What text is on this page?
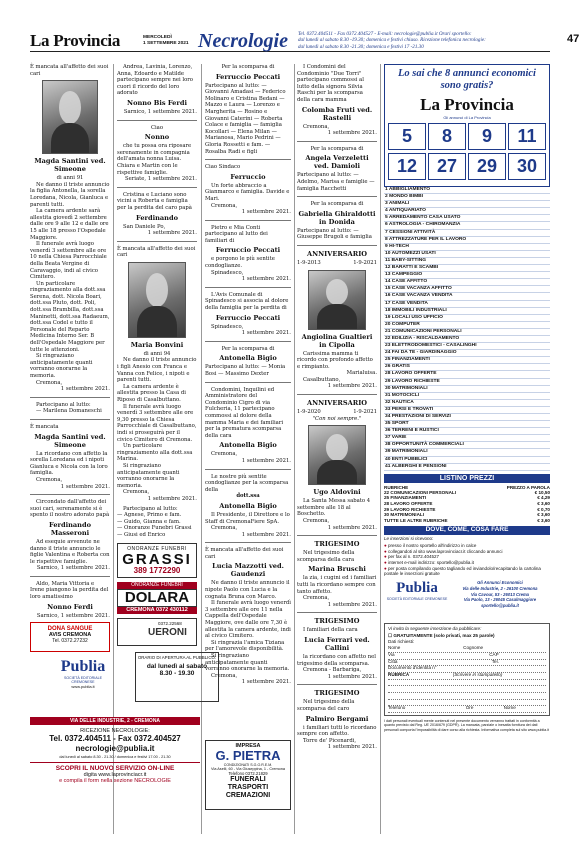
La Provincia	MERCOLEDÌ
1 SETTEMBRE 2021 Necrologie Tel. 0372.404511 - Fax 0372.404527 - E-mail: necrologie@publia.it Orari sportello:
dal lunedì al sabato 8.30 -19.30; domenica e festivi chiuso. Ricezione telefonica necrologie:
dal lunedì al sabato 8.30 -21.30; domenica e festivi 17 -21.30
47

È mancata all'affetto dei suoi cari

Magda Santini ved. Simeone

di anni 91

Ne danno il triste annuncio la figlia Antonella, la sorella Loredana, Nicola, Gianluca e parenti tutti.

La camera ardente sarà allestita giovedì 2 settembre dalle ore 9 alle 12 e dalle ore 15 alle 18 presso l'Ospedale Maggiore.

Il funerale avrà luogo venerdì 3 settembre alle ore 10 nella Chiesa Parrocchiale della Beata Vergine di Caravaggio, indi al civico Cimitero.

Un particolare ringraziamento alla dott.ssa Serena, dott. Nicola Boari, dott.ssa Pluto, dott. Poli, dott.ssa Brambilla, dott.ssa Maninetti, dott.ssa Radaeum, dott.ssa Codel e tutto il Personale del Reparto Medicina Interno Ser. B dell'Ospedale Maggiore per tutte le attenzioni.

Si ringraziano anticipatamente quanti vorranno onorarne la memoria.

Cremona,

1 settembre 2021.

Partecipano al lutto:

— Marilena Domaneschi

È mancata

Magda Santini ved. Simeone

La ricordano con affetto la sorella Loredana ed i nipoti Gianluca e Nicola con la loro famiglia.

Cremona,

1 settembre 2021.

Circondato dall'affetto dei suoi cari, serenamente si è spento il nostro adorato papà

Ferdinando Masseroni

Ad esequie avvenute ne danno il triste annuncio le figlie Valentina e Roberta con le rispettive famiglie.

Sarnico, 1 settembre 2021.

Aldo, Maria Vittoria e Irene piangono la perdita del loro amatissimo

Nonno Ferdi

Sarnico, 1 settembre 2021.

DONA SANGUE
AVIS CREMONA
Tel. 0372.27232
Publia
SOCIETÀ EDITORIALE CREMONESE
www.publia.it
ORARIO DI APERTURA AL PUBBLICO:
dal lunedì al sabato
8.30 - 19.30
VIA DELLE INDUSTRIE, 2 - CREMONA
RICEZIONE NECROLOGIE:
Tel. 0372.404511 - Fax 0372.404527
necrologie@publia.it
dal lunedì al sabato 8.30 - 21.30 / domenica e festivi 17.00 - 21.30
SCOPRI IL NUOVO SERVIZIO ON-LINE
digita www.laprovinciacr.it
e compila il form nella sezione NECROLOGIE

Andrea, Lavinia, Lorenzo, Anna, Edoardo e Matilde partecipano sempre nei loro cuori il ricordo del loro adorato

Nonno Bis Ferdi

Sarnico, 1 settembre 2021.

Ciao

Nonno

che tu possa ora riposare serenamente in compagnia dell'amata nonna Luisa. Chiara e Martin con le rispettive famiglie.

Seriate, 1 settembre 2021.

Cristina e Luciano sono vicini a Roberta e famiglia per la perdita del caro papà

Ferdinando

San Daniele Po,

1 settembre 2021.

È mancata all'affetto dei suoi cari

Maria Bonvini

di anni 94

Ne danno il triste annuncio i figli Anesio con Franca e Vanna con Felice, i nipoti e parenti tutti.

La camera ardente è allestita presso la Casa di Riposo di Casalbuttano.

Il funerale avrà luogo venerdì 3 settembre alle ore 9,30 presso la Chiesa Parrocchiale di Casalbuttano, indi si proseguirà per il civico Cimitero di Cremona.

Un particolare ringraziamento alla dott.ssa Marina.

Si ringraziano anticipatamente quanti vorranno onorarne la memoria.

Cremona,

1 settembre 2021.

Partecipano al lutto:

— Agnese, Primo e fam.

— Guido, Gianna e fam.

— Onoranze Funebri Grassi

— Giusi ed Enrico

ONORANZE FUNEBRI
GRASSI
389 1772290
ONORANZE FUNEBRI
DOLARA
CREMONA 0372 430112
0372.22568
UERONI

Per la scomparsa di

Ferruccio Peccati

Partecipano al lutto: — Giovanni Amadasi — Federico Molinaro e Cristina Bedani — Mazzo e Laura — Lorenzo e Margherita — Rosino e Giovanni Caterini — Roberta Colace e famiglia — famiglia Kocollari — Elena Milan — Marianosa, Mario Pedrini — Gloria Rossetti e fam. — Rosalba Radi e figli

Ciao Sindaco

Ferruccio

Un forte abbraccio a Gianmarco e famiglia. Davide e Mari.

Cremona,

1 settembre 2021.

Pietro e Mia Conti partecipano al lutto dei familiari di

Ferruccio Peccati

e porgono le più sentite condoglianze.

Spinadesco,

1 settembre 2021.

L'Avis Comunale di Spinadesco si associa al dolore della famiglia per la perdita di

Ferruccio Peccati

Spinadesco,

1 settembre 2021.

Per la scomparsa di

Antonella Bigio

Partecipano al lutto: — Monia Bosi — Massimo Dexter

Condomini, Inquilini ed Amministratore del Condominio Cigro di via Fulcheria, 11 partecipano commossi al dolore della mamma Maria e dei familiari per la prematura scomparsa della cara

Antonella Bigio

Cremona,

1 settembre 2021.

Le nostre più sentite condoglianze per la scomparsa della

dott.ssa

Antonella Bigio

Il Presidente, il Direttore e lo Staff di CremonaFiere SpA.

Cremona,

1 settembre 2021.

È mancata all'affetto dei suoi cari

Lucia Mazzotti ved. Gaudenzi

Ne danno il triste annuncio il nipote Paolo con Lucia e la cognata Bruna con Marco.

Il funerale avrà luogo venerdì 3 settembre alle ore 11 nella Cappella dell'Ospedale Maggiore, ove dalle ore 7,30 è allestita la camera ardente, indi al civico Cimitero.

Si ringrazia l'amica Tiziana per l'amorevole disponibilità.

Si ringraziano anticipatamente quanti vorranno onorarne la memoria.

Cremona,

1 settembre 2021.

IMPRESA
G. PIETRA
CONDIZIONATI S.G.O.R.E.M.
Via Aselli, 60 - Via Giuseppina, 1 - Cremona
Telefono 0372.21829
FUNERALI
TRASPORTI
CREMAZIONI

I Condomini del Condominio "Due Torri" partecipano commossi al lutto della signora Silvia Raschi per la scomparsa della cara mamma

Colomba Fruti ved. Rastelli

Cremona,

1 settembre 2021.

Per la scomparsa di

Angela Verzeletti ved. Damioli

Partecipano al lutto: — Adelmo, Marisa e famiglie — famiglia Racchetti

Per la scomparsa di

Gabriella Ghiraldotti in Donida

Partecipano al lutto: — Giuseppe Brugoli e famiglia

ANNIVERSARIO

1-9-2013	1-9-2021

Angiolina Gualtieri in Cipolla

Carissima mamma ti ricordo con profondo affetto e rimpianto.

Marialuisa.

Casalbuttano,

1 settembre 2021.

ANNIVERSARIO

1-9-2020	1-9-2021

"Con noi sempre."

Ugo Aldovini

La Santa Messa sabato 4 settembre alle 18 al Boschetto.

Cremona,

1 settembre 2021.

TRIGESIMO

Nel trigesimo della scomparsa della cara

Marina Bruschi

la zia, i cugini ed i familiari tutti la ricordano sempre con tanto affetto.

Cremona,

1 settembre 2021.

TRIGESIMO

I familiari della cara

Lucia Ferrari ved. Callini

la ricordano con affetto nel trigesimo della scomparsa.

Cremona - Barbariga,

1 settembre 2021.

TRIGESIMO

Nel trigesimo della scomparsa del caro

Palmiro Bergami

i familiari tutti lo ricordano sempre con affetto.

Torre de' Picenardi,

1 settembre 2021.

Lo sai che 8 annunci economici sono gratis?
La Provincia
Gli annunci di La Provincia
5	8	9	11
12	27	29	30
1 ABBIGLIAMENTO
2 MONDO BIMBI
3 ANIMALI
4 ANTIQUARIATO
5 ARREDAMENTO CASA USATO
6 ASTROLOGIA - CHIROMANZIA
7 CESSIONI ATTIVITÀ
8 ATTREZZATURE PER IL LAVORO
9 HI-TECH
10 AUTOMEZZI USATI
11 BABY-SITTING
12 BARATTI E SCAMBI
13 CAMPEGGIO
14 CASE AFFITTO
15 CASE VACANZA AFFITTO
16 CASE VACANZA VENDITA
17 CASE VENDITA
18 IMMOBILI INDUSTRIALI
19 LOCALI USO UFFICIO
20 COMPUTER
21 COMUNICAZIONI PERSONALI
22 EDILIZIA - RISCALDAMENTO
23 ELETTRODOMESTICI - CASALINGHI
24 FAI DA TE - GIARDINAGGIO
25 FINANZIAMENTI
26 GRATIS
28 LAVORO OFFERTE
29 LAVORO RICHIESTE
30 MATRIMONIALI
31 MOTOCICLI
32 NAUTICA
33 PERSI E TROVATI
34 PRESTAZIONI DI SERVIZI
35 SPORT
36 TERRENI E RUSTICI
37 VARIE
38 OPPORTUNITÀ COMMERCIALI
39 MATRIMONIALI
40 ENTI PUBBLICI
41 ALBERGHI E PENSIONI
LISTINO PREZZI
RUBRICHE	PREZZO A PAROLA
22 COMUNICAZIONI PERSONALI	€ 10,50
25 FINANZIAMENTI	€ 4,29
28 LAVORO OFFERTE	€ 3,60
29 LAVORO RICHIESTE	€ 0,70
30 MATRIMONIALI	€ 3,60
TUTTE LE ALTRE RUBRICHE	€ 3,60
DOVE, COME, COSA FARE
Le inserzioni si ricevono:
● presso il nostro sportello all'indirizzo in calce
● collegandoti al sito www.laprovinciacr.it cliccando annunci
● per fax al n. 0372.404527
● internet e-mail indirizzo: sportello@publia.it
● per posta compilando questo tagliando ed inviandolo/recapitando la cartolina postale le inserzioni gratuite
Publia
SOCIETÀ EDITORIALE CREMONESE
Gli Annunci Economici
Via delle Industrie, 2 - 26100 Cremona
Via Cavour, 53 - 26013 Crema
Via Paolo, 13 - 26045 Casalmaggiore
sportello@publia.it
Vi invito la seguente inserzione da pubblicare:
☐ GRATUITAMENTE (solo privati, max 25 parole)
Dati richiesti:
Nome	Cognome
Via	CAP
Città	Tel.
Documento d'identità n°
RUBRICA	(Scrivere in stampatello)
Telefono	Ore	Nome
I dati personali eventuali mente contenuti nel presente documento verranno trattati in conformità a quanto previsto dal Reg. UE 2016/679 (GDPR). La mancata, parziale o inesatta fornitura dei dati personali comporta l'impossibilità di dare corso alla richiesta. Informativa completa sul sito www.publia.it
